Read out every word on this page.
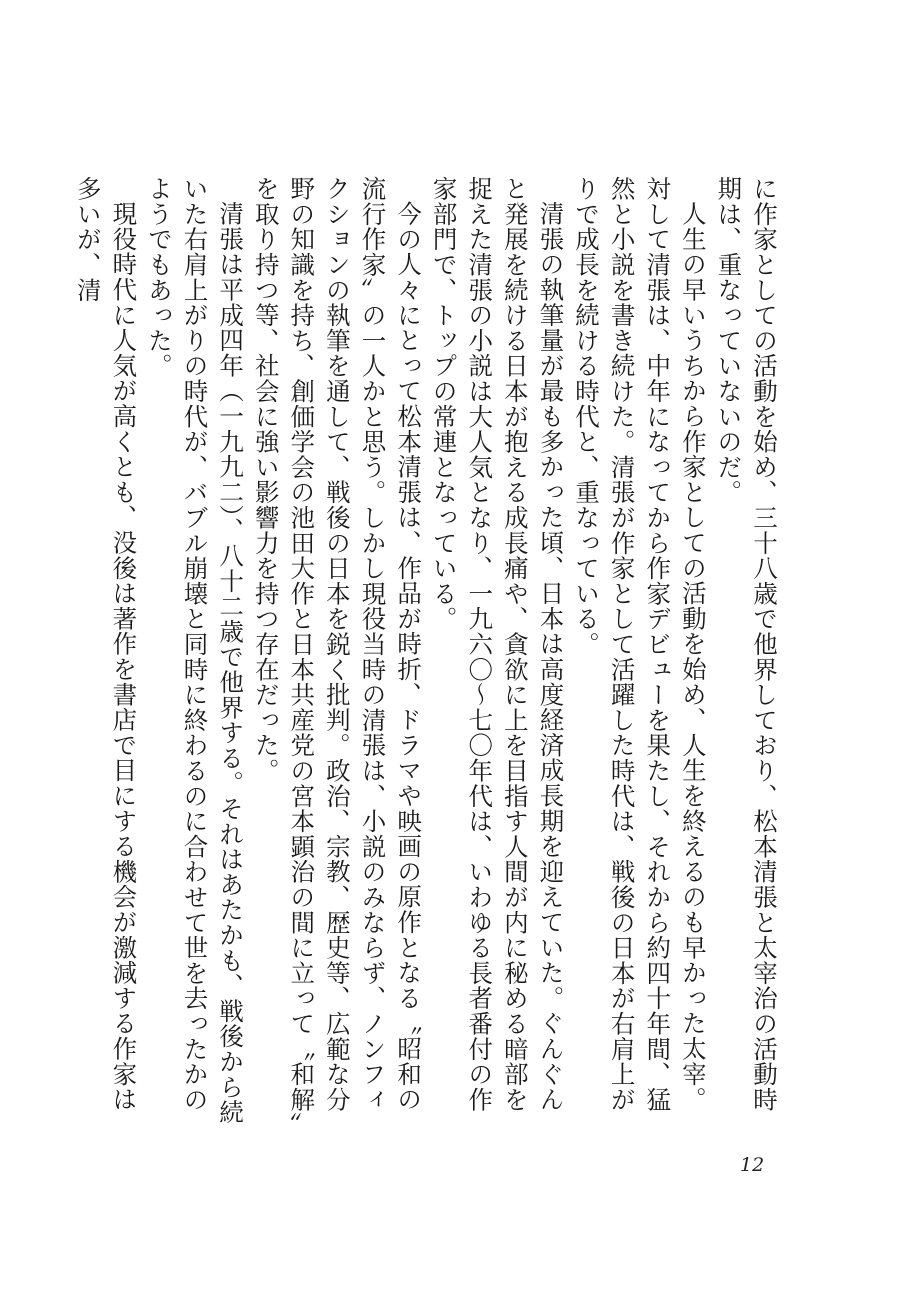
に作家としての活動を始め、三十八歳で他界しており、松本清張と太宰治の活動時期は、重なっていないのだ。

人生の早いうちから作家としての活動を始め、人生を終えるのも早かった太宰。対して清張は、中年になってから作家デビューを果たし、それから約四十年間、猛然と小説を書き続けた。清張が作家として活躍した時代は、戦後の日本が右肩上がりで成長を続ける時代と、重なっている。

清張の執筆量が最も多かった頃、日本は高度経済成長期を迎えていた。ぐんぐんと発展を続ける日本が抱える成長痛や、貪欲に上を目指す人間が内に秘める暗部を捉えた清張の小説は大人気となり、一九六〇〜七〇年代は、いわゆる長者番付の作家部門で、トップの常連となっている。

今の人々にとって松本清張は、作品が時折、ドラマや映画の原作となる〝昭和の流行作家〟の一人かと思う。しかし現役当時の清張は、小説のみならず、ノンフィクションの執筆を通して、戦後の日本を鋭く批判。政治、宗教、歴史等、広範な分野の知識を持ち、創価学会の池田大作と日本共産党の宮本顕治の間に立って〝和解〟を取り持つ等、社会に強い影響力を持つ存在だった。

清張は平成四年（一九九二）、八十二歳で他界する。それはあたかも、戦後から続いた右肩上がりの時代が、バブル崩壊と同時に終わるのに合わせて世を去ったかのようでもあった。

現役時代に人気が高くとも、没後は著作を書店で目にする機会が激減する作家は多いが、清

12
